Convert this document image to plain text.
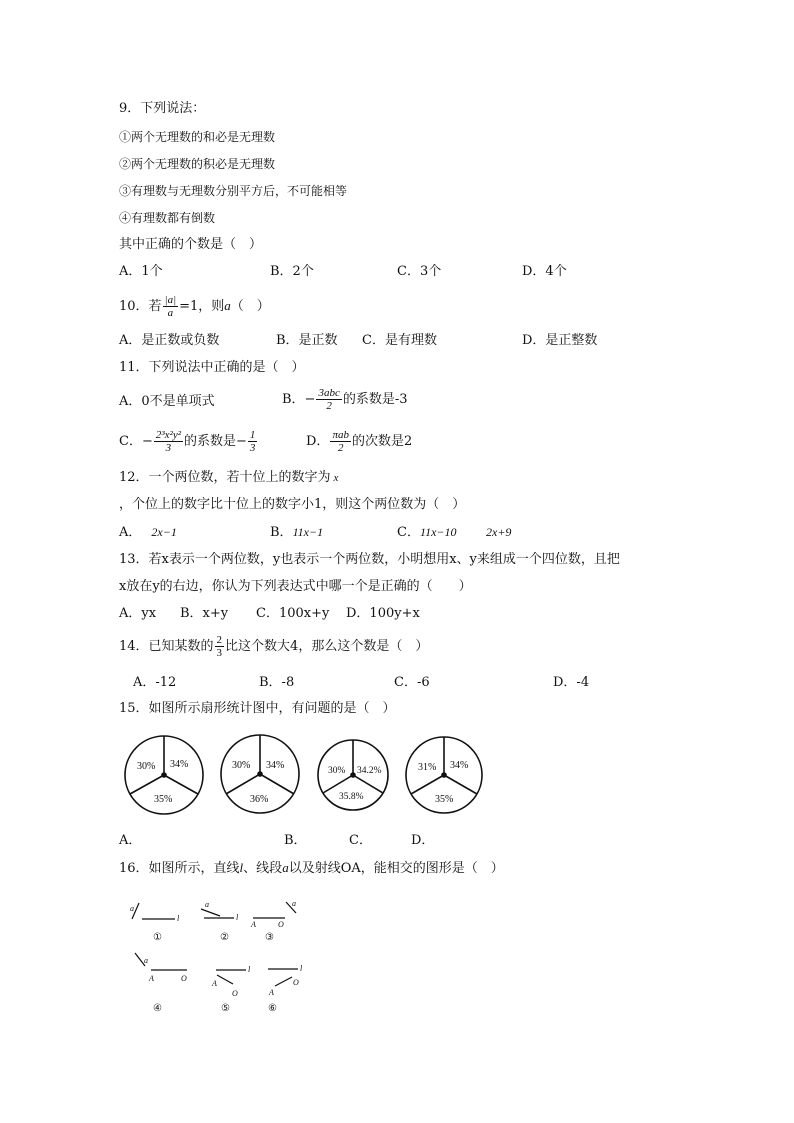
9．下列说法：
①两个无理数的和必是无理数
②两个无理数的积必是无理数
③有理数与无理数分别平方后，不可能相等
④有理数都有倒数
其中正确的个数是（　）
A．1个	B．2个	C．3个	D．4个
10．若 $\frac{|a|}{a} =1$，则a（　）
A．是正数或负数	B．是正数 C．是有理数	D．是正整数
11．下列说法中正确的是（　）
A．0不是单项式	B．− $\frac{\text{3abc}}{2}$ 的系数是-3
C．− $\frac{\text{2³x²y²}}{3}$ 的系数是− $\frac{1}{3}$	D． $\frac{\text{πab}}{2}$ 的次数是2
12．一个两位数，若十位上的数字为 x
，个位上的数字比十位上的数字小1，则这个两位数为（　）
A． 2x−1	B．11x−1	C．11x−10 2x+9
13．若x表示一个两位数，y也表示一个两位数，小明想用x、y来组成一个四位数，且把
x放在y的右边，你认为下列表达式中哪一个是正确的（　　）
A．yx B．x+y C．100x+y D．100y+x
14．已知某数的 $\frac{2}{3}$ 比这个数大4，那么这个数是（　）
A．-12	B．-8	C．-6	D．-4
15．如图所示扇形统计图中，有问题的是（　）
30% 34%
35%
30% 34%
36%
30% 34.2%
35.8%
31% 34%
35%
A．	B．	C．	D．
16．如图所示，直线l、线段a以及射线OA，能相交的图形是（　）
a
l
①
a
l
②
a
A	O
③
a
A	O
④
l
A
O
⑤
l
A
O
⑥
